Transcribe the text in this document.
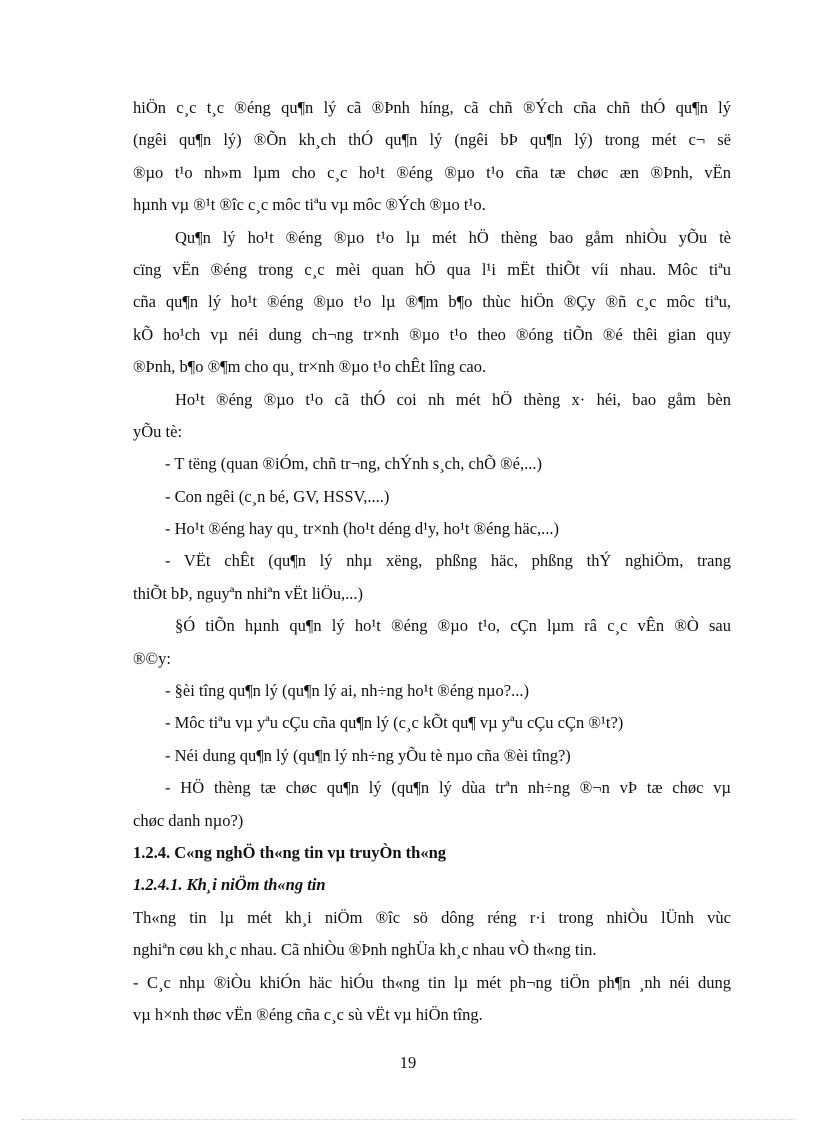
hiÖn c¸c t¸c ®éng qu¶n lý cã ®Þnh híng, cã chñ ®Ých cña chñ thÓ qu¶n lý
(ngêi qu¶n lý) ®Õn kh¸ch thÓ qu¶n lý (ngêi bÞ qu¶n lý) trong mét c¬ së
®µo t¹o nh»m lµm cho c¸c ho¹t ®éng ®µo t¹o cña tæ chøc æn ®Þnh, vËn
hµnh vµ ®¹t ®îc c¸c môc tiªu vµ môc ®Ých ®µo t¹o.
Qu¶n lý ho¹t ®éng ®µo t¹o lµ mét hÖ thèng bao gåm nhiÒu yÕu tè
cïng vËn ®éng trong c¸c mèi quan hÖ qua l¹i mËt thiÕt víi nhau. Môc tiªu
cña qu¶n lý ho¹t ®éng ®µo t¹o lµ ®¶m b¶o thùc hiÖn ®Çy ®ñ c¸c môc tiªu,
kÕ ho¹ch vµ néi dung ch¬ng tr×nh ®µo t¹o theo ®óng tiÕn ®é thêi gian quy
®Þnh, b¶o ®¶m cho qu¸ tr×nh ®µo t¹o chÊt lîng cao.
Ho¹t ®éng ®µo t¹o cã thÓ coi nh mét hÖ thèng x· héi, bao gåm bèn
yÕu tè:
- T tëng (quan ®iÓm, chñ tr¬ng, chÝnh s¸ch, chÕ ®é,...)
- Con ngêi (c¸n bé, GV, HSSV,....)
- Ho¹t ®éng hay qu¸ tr×nh (ho¹t déng d¹y, ho¹t ®éng häc,...)
- VËt chÊt (qu¶n lý nhµ xëng, phßng häc, phßng thÝ nghiÖm, trang
thiÕt bÞ, nguyªn nhiªn vËt liÖu,...)
§Ó tiÕn hµnh qu¶n lý ho¹t ®éng ®µo t¹o, cÇn lµm râ c¸c vÊn ®Ò sau
®©y:
- §èi tîng qu¶n lý (qu¶n lý ai, nh÷ng ho¹t ®éng nµo?...)
- Môc tiªu vµ yªu cÇu cña qu¶n lý (c¸c kÕt qu¶ vµ yªu cÇu cÇn ®¹t?)
- Néi dung qu¶n lý (qu¶n lý nh÷ng yÕu tè nµo cña ®èi tîng?)
- HÖ thèng tæ chøc qu¶n lý (qu¶n lý dùa trªn nh÷ng ®¬n vÞ tæ chøc vµ
chøc danh nµo?)
1.2.4. C«ng nghÖ th«ng tin vµ truyÒn th«ng
1.2.4.1. Kh¸i niÖm th«ng tin
Th«ng tin lµ mét kh¸i niÖm ®îc sö dông réng r·i trong nhiÒu lÜnh vùc
nghiªn cøu kh¸c nhau. Cã nhiÒu ®Þnh nghÜa kh¸c nhau vÒ th«ng tin.
- C¸c nhµ ®iÒu khiÓn häc hiÓu th«ng tin lµ mét ph¬ng tiÖn ph¶n ¸nh néi dung
vµ h×nh thøc vËn ®éng cña c¸c sù vËt vµ hiÖn tîng.
19
